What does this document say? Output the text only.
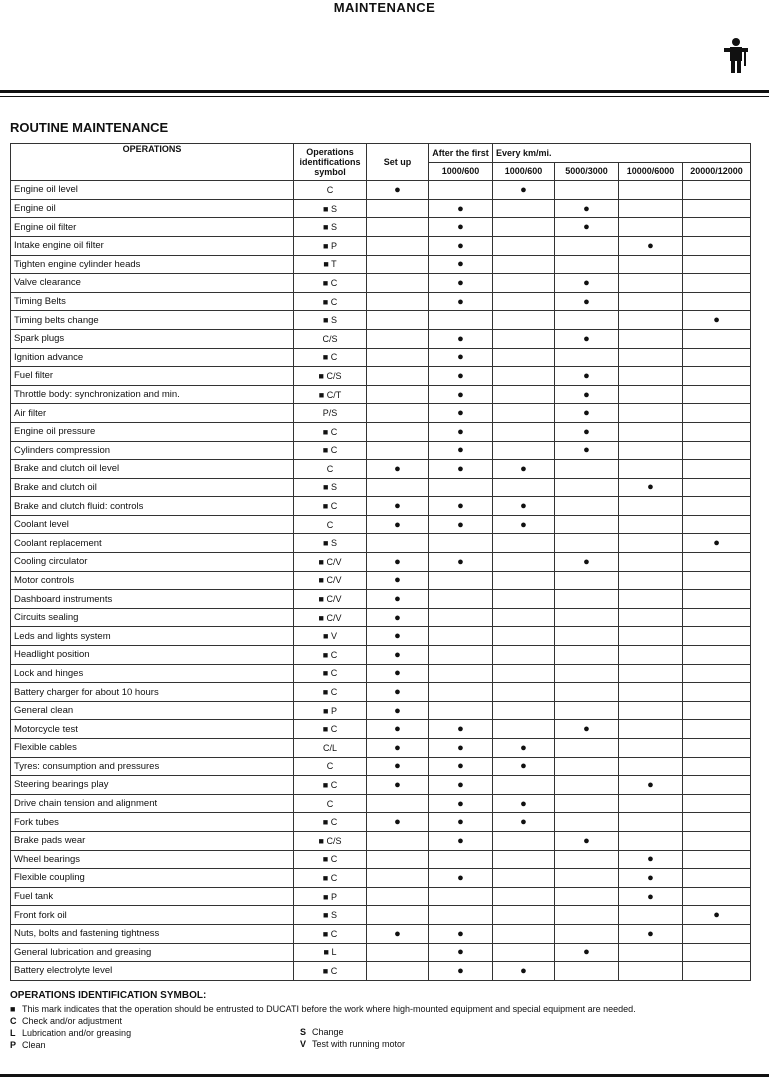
MAINTENANCE
ROUTINE MAINTENANCE
OPERATIONS	Operations
identifications
symbol	Set up	After the first	Every km/mi.			
			1000/600	1000/600	5000/3000	10000/6000	20000/12000
Engine oil level	C	●		●			
Engine oil	■ S		●		●		
Engine oil filter	■ S		●		●		
Intake engine oil filter	■ P		●			●	
Tighten engine cylinder heads	■ T		●				
Valve clearance	■ C		●		●		
Timing Belts	■ C		●		●		
Timing belts change	■ S						●
Spark plugs	C/S		●		●		
Ignition advance	■ C		●				
Fuel filter	■ C/S		●		●		
Throttle body: synchronization and min.	■ C/T		●		●		
Air filter	P/S		●		●		
Engine oil pressure	■ C		●		●		
Cylinders compression	■ C		●		●		
Brake and clutch oil level	C	●	●	●			
Brake and clutch oil	■ S					●	
Brake and clutch fluid: controls	■ C	●	●	●			
Coolant level	C	●	●	●			
Coolant replacement	■ S						●
Cooling circulator	■ C/V	●	●		●		
Motor controls	■ C/V	●					
Dashboard instruments	■ C/V	●					
Circuits sealing	■ C/V	●					
Leds and lights system	■ V	●					
Headlight position	■ C	●					
Lock and hinges	■ C	●					
Battery charger for about 10 hours	■ C	●					
General clean	■ P	●					
Motorcycle test	■ C	●	●		●		
Flexible cables	C/L	●	●	●			
Tyres: consumption and pressures	C	●	●	●			
Steering bearings play	■ C	●	●			●	
Drive chain tension and alignment	C		●	●			
Fork tubes	■ C	●	●	●			
Brake pads wear	■ C/S		●		●		
Wheel bearings	■ C					●	
Flexible coupling	■ C		●			●	
Fuel tank	■ P					●	
Front fork oil	■ S						●
Nuts, bolts and fastening tightness	■ C	●	●			●	
General lubrication and greasing	■ L		●		●		
Battery electrolyte level	■ C		●	●			
OPERATIONS IDENTIFICATION SYMBOL:
■ This mark indicates that the operation should be entrusted to DUCATI before the work where high-mounted equipment and special equipment are needed.
C Check and/or adjustment
L Lubrication and/or greasing
P Clean
S Change
V Test with running motor
